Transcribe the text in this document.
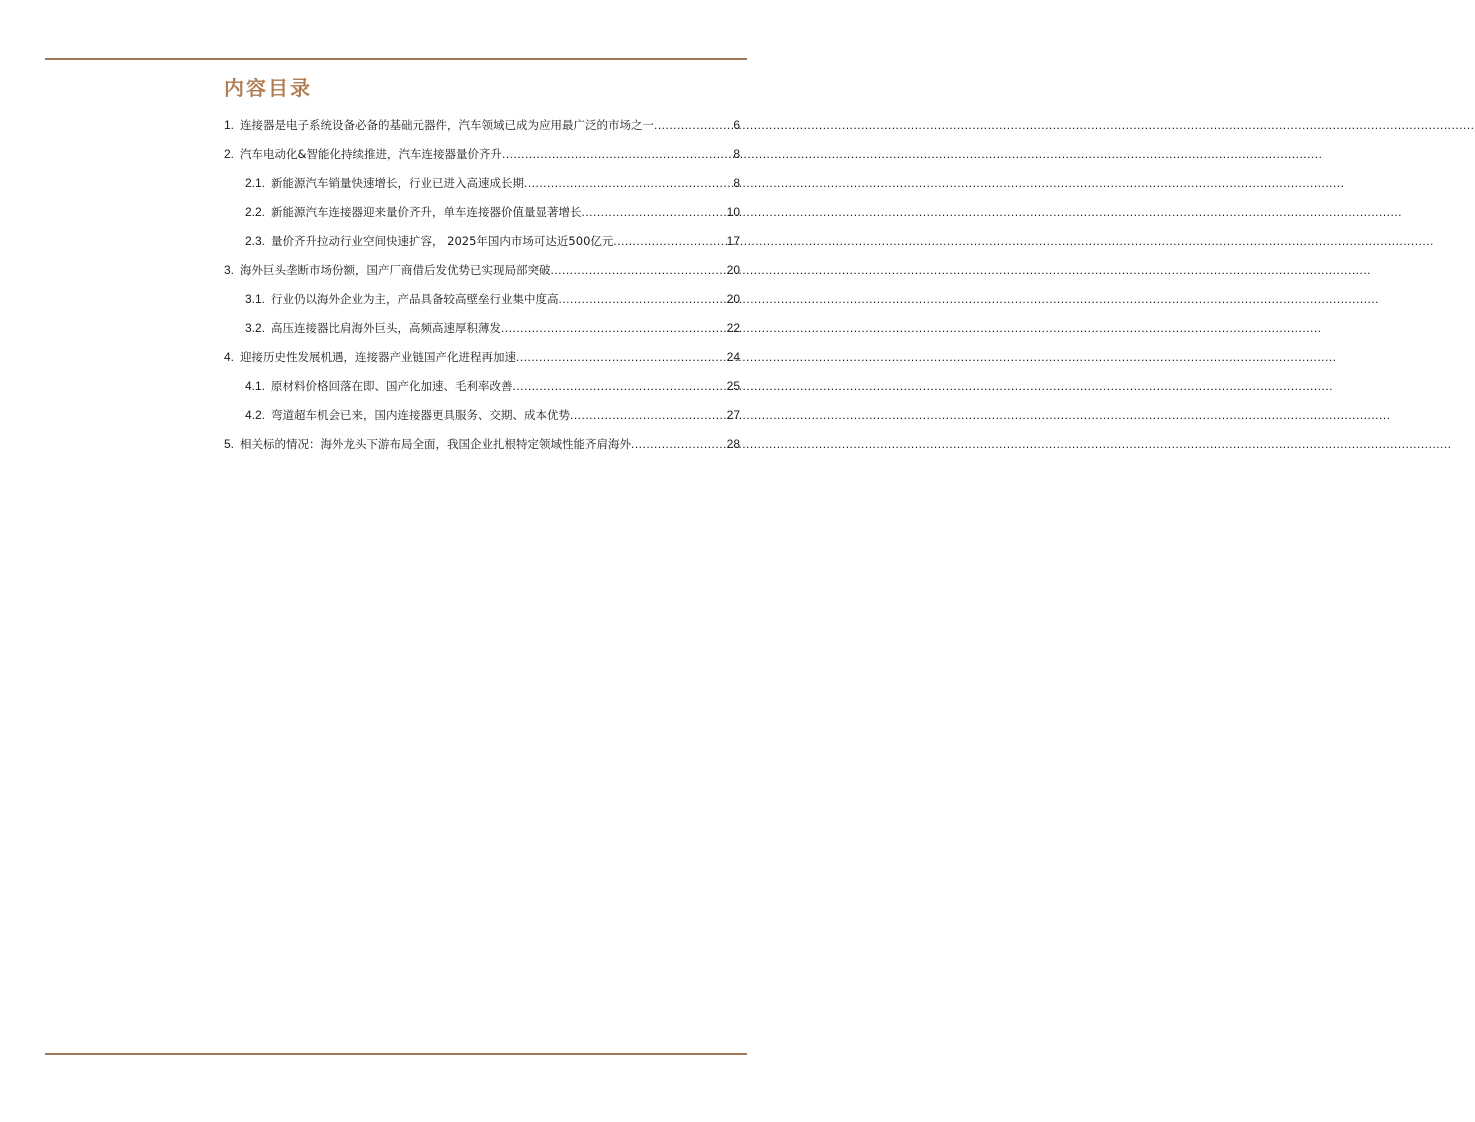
内容目录
1. 连接器是电子系统设备必备的基础元器件，汽车领域已成为应用最广泛的市场之一 .....	6
2. 汽车电动化&智能化持续推进，汽车连接器量价齐升 .....	8
2.1. 新能源汽车销量快速增长，行业已进入高速成长期 .....	8
2.2. 新能源汽车连接器迎来量价齐升，单车连接器价值量显著增长 .....	10
2.3. 量价齐升拉动行业空间快速扩容， 2025年国内市场可达近500亿元 .....	17
3. 海外巨头垄断市场份额，国产厂商借后发优势已实现局部突破 .....	20
3.1. 行业仍以海外企业为主，产品具备较高壁垒行业集中度高 .....	20
3.2. 高压连接器比肩海外巨头，高频高速厚积薄发 .....	22
4. 迎接历史性发展机遇，连接器产业链国产化进程再加速 .....	24
4.1. 原材料价格回落在即、国产化加速、毛利率改善 .....	25
4.2. 弯道超车机会已来，国内连接器更具服务、交期、成本优势 .....	27
5. 相关标的情况：海外龙头下游布局全面，我国企业扎根特定领域性能齐肩海外 .....	28
